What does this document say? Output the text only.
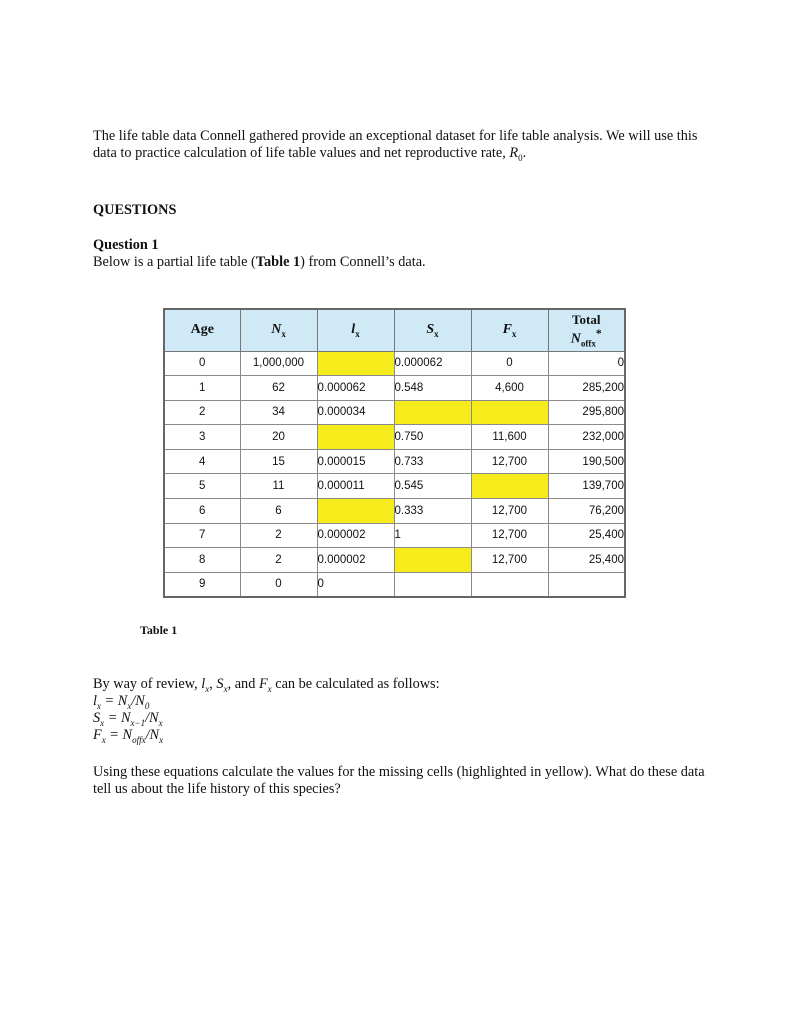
The life table data Connell gathered provide an exceptional dataset for life table analysis. We will use this data to practice calculation of life table values and net reproductive rate, $R_0$.
QUESTIONS
Question 1
Below is a partial life table (Table 1) from Connell’s data.
Age	$N_x$	$l_x$	$S_x$	$F_x$	Total
$N_{offx}^*$

0	1,000,000		0.000062	0	0
1	62	0.000062	0.548	4,600	285,200
2	34	0.000034			295,800
3	20		0.750	11,600	232,000
4	15	0.000015	0.733	12,700	190,500
5	11	0.000011	0.545		139,700
6	6		0.333	12,700	76,200
7	2	0.000002	1	12,700	25,400
8	2	0.000002		12,700	25,400
9	0	0			
Table 1
By way of review, $l_x$, $S_x$, and $F_x$ can be calculated as follows:
$l_x = N_x/N_0$
$S_x = N_{x-1}/N_x$
$F_x = N_{offx}/N_x$
Using these equations calculate the values for the missing cells (highlighted in yellow). What do these data tell us about the life history of this species?
